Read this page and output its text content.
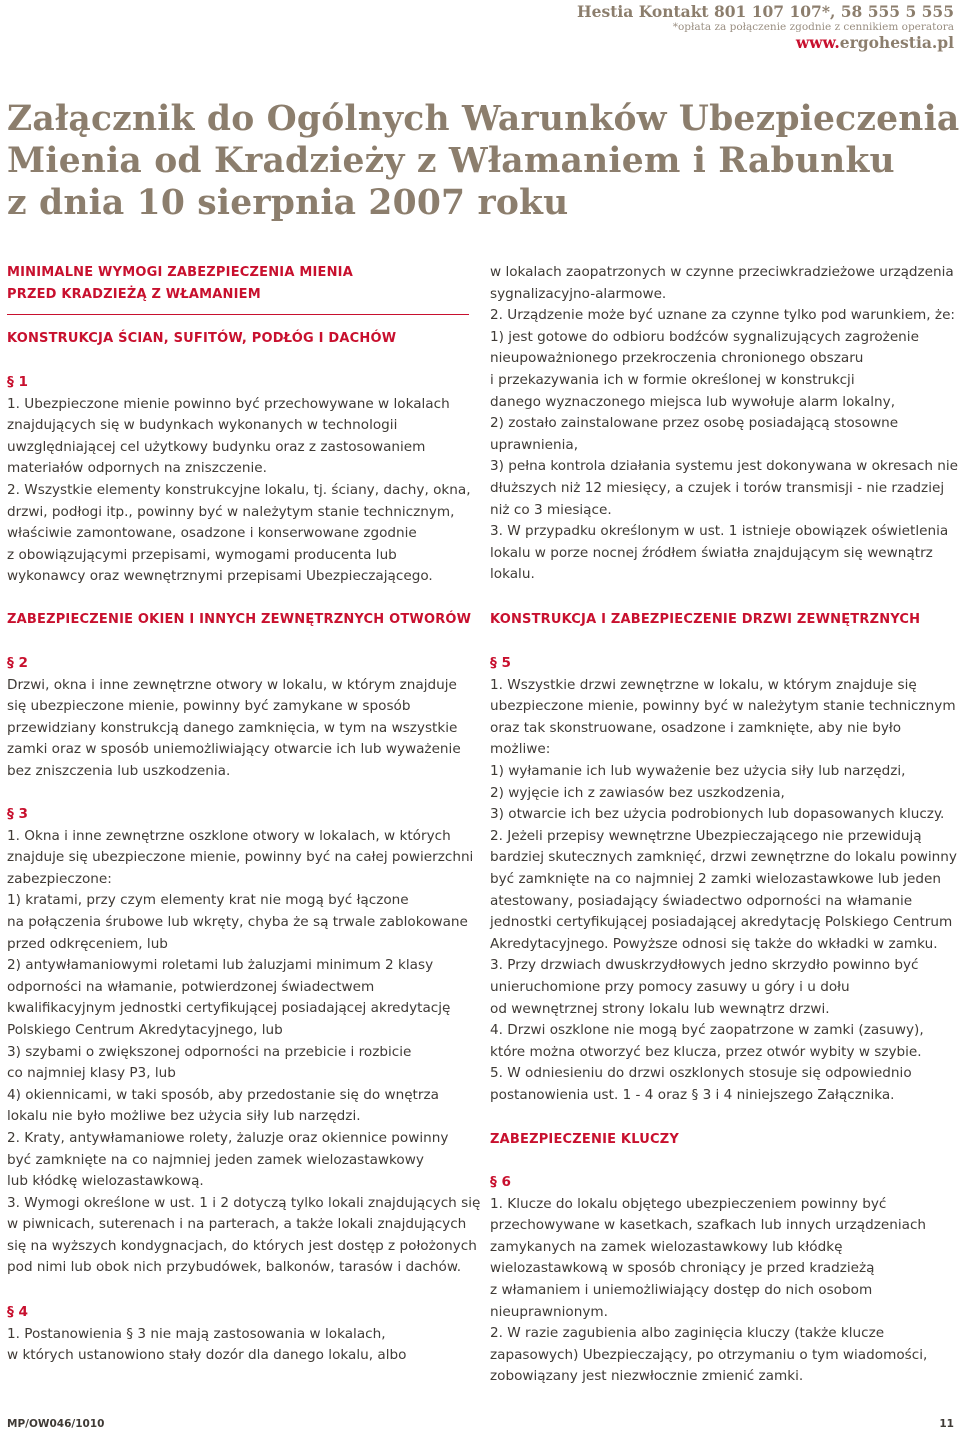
Hestia Kontakt 801 107 107*, 58 555 5 555
*opłata za połączenie zgodnie z cennikiem operatora
www.ergohestia.pl
Załącznik do Ogólnych Warunków Ubezpieczenia
Mienia od Kradzieży z Włamaniem i Rabunku
z dnia 10 sierpnia 2007 roku
MINIMALNE WYMOGI ZABEZPIECZENIA MIENIA
PRZED KRADZIEŻĄ Z WŁAMANIEM
KONSTRUKCJA ŚCIAN, SUFITÓW, PODŁÓG I DACHÓW
§ 1
1. Ubezpieczone mienie powinno być przechowywane w lokalach
znajdujących się w budynkach wykonanych w technologii
uwzględniającej cel użytkowy budynku oraz z zastosowaniem
materiałów odpornych na zniszczenie.
2. Wszystkie elementy konstrukcyjne lokalu, tj. ściany, dachy, okna,
drzwi, podłogi itp., powinny być w należytym stanie technicznym,
właściwie zamontowane, osadzone i konserwowane zgodnie
z obowiązującymi przepisami, wymogami producenta lub
wykonawcy oraz wewnętrznymi przepisami Ubezpieczającego.
ZABEZPIECZENIE OKIEN I INNYCH ZEWNĘTRZNYCH OTWORÓW
§ 2
Drzwi, okna i inne zewnętrzne otwory w lokalu, w którym znajduje
się ubezpieczone mienie, powinny być zamykane w sposób
przewidziany konstrukcją danego zamknięcia, w tym na wszystkie
zamki oraz w sposób uniemożliwiający otwarcie ich lub wyważenie
bez zniszczenia lub uszkodzenia.
§ 3
1. Okna i inne zewnętrzne oszklone otwory w lokalach, w których
znajduje się ubezpieczone mienie, powinny być na całej powierzchni
zabezpieczone:
1) kratami, przy czym elementy krat nie mogą być łączone
na połączenia śrubowe lub wkręty, chyba że są trwale zablokowane
przed odkręceniem, lub
2) antywłamaniowymi roletami lub żaluzjami minimum 2 klasy
odporności na włamanie, potwierdzonej świadectwem
kwalifikacyjnym jednostki certyfikującej posiadającej akredytację
Polskiego Centrum Akredytacyjnego, lub
3) szybami o zwiększonej odporności na przebicie i rozbicie
co najmniej klasy P3, lub
4) okiennicami, w taki sposób, aby przedostanie się do wnętrza
lokalu nie było możliwe bez użycia siły lub narzędzi.
2. Kraty, antywłamaniowe rolety, żaluzje oraz okiennice powinny
być zamknięte na co najmniej jeden zamek wielozastawkowy
lub kłódkę wielozastawkową.
3. Wymogi określone w ust. 1 i 2 dotyczą tylko lokali znajdujących się
w piwnicach, suterenach i na parterach, a także lokali znajdujących
się na wyższych kondygnacjach, do których jest dostęp z położonych
pod nimi lub obok nich przybudówek, balkonów, tarasów i dachów.
§ 4
1. Postanowienia § 3 nie mają zastosowania w lokalach,
w których ustanowiono stały dozór dla danego lokalu, albo
w lokalach zaopatrzonych w czynne przeciwkradzieżowe urządzenia
sygnalizacyjno-alarmowe.
2. Urządzenie może być uznane za czynne tylko pod warunkiem, że:
1) jest gotowe do odbioru bodźców sygnalizujących zagrożenie
nieupoważnionego przekroczenia chronionego obszaru
i przekazywania ich w formie określonej w konstrukcji
danego wyznaczonego miejsca lub wywołuje alarm lokalny,
2) zostało zainstalowane przez osobę posiadającą stosowne
uprawnienia,
3) pełna kontrola działania systemu jest dokonywana w okresach nie
dłuższych niż 12 miesięcy, a czujek i torów transmisji - nie rzadziej
niż co 3 miesiące.
3. W przypadku określonym w ust. 1 istnieje obowiązek oświetlenia
lokalu w porze nocnej źródłem światła znajdującym się wewnątrz
lokalu.
KONSTRUKCJA I ZABEZPIECZENIE DRZWI ZEWNĘTRZNYCH
§ 5
1. Wszystkie drzwi zewnętrzne w lokalu, w którym znajduje się
ubezpieczone mienie, powinny być w należytym stanie technicznym
oraz tak skonstruowane, osadzone i zamknięte, aby nie było
możliwe:
1) wyłamanie ich lub wyważenie bez użycia siły lub narzędzi,
2) wyjęcie ich z zawiasów bez uszkodzenia,
3) otwarcie ich bez użycia podrobionych lub dopasowanych kluczy.
2. Jeżeli przepisy wewnętrzne Ubezpieczającego nie przewidują
bardziej skutecznych zamknięć, drzwi zewnętrzne do lokalu powinny
być zamknięte na co najmniej 2 zamki wielozastawkowe lub jeden
atestowany, posiadający świadectwo odporności na włamanie
jednostki certyfikującej posiadającej akredytację Polskiego Centrum
Akredytacyjnego. Powyższe odnosi się także do wkładki w zamku.
3. Przy drzwiach dwuskrzydłowych jedno skrzydło powinno być
unieruchomione przy pomocy zasuwy u góry i u dołu
od wewnętrznej strony lokalu lub wewnątrz drzwi.
4. Drzwi oszklone nie mogą być zaopatrzone w zamki (zasuwy),
które można otworzyć bez klucza, przez otwór wybity w szybie.
5. W odniesieniu do drzwi oszklonych stosuje się odpowiednio
postanowienia ust. 1 - 4 oraz § 3 i 4 niniejszego Załącznika.
ZABEZPIECZENIE KLUCZY
§ 6
1. Klucze do lokalu objętego ubezpieczeniem powinny być
przechowywane w kasetkach, szafkach lub innych urządzeniach
zamykanych na zamek wielozastawkowy lub kłódkę
wielozastawkową w sposób chroniący je przed kradzieżą
z włamaniem i uniemożliwiający dostęp do nich osobom
nieuprawnionym.
2. W razie zagubienia albo zaginięcia kluczy (także klucze
zapasowych) Ubezpieczający, po otrzymaniu o tym wiadomości,
zobowiązany jest niezwłocznie zmienić zamki.
MP/OW046/1010	11
